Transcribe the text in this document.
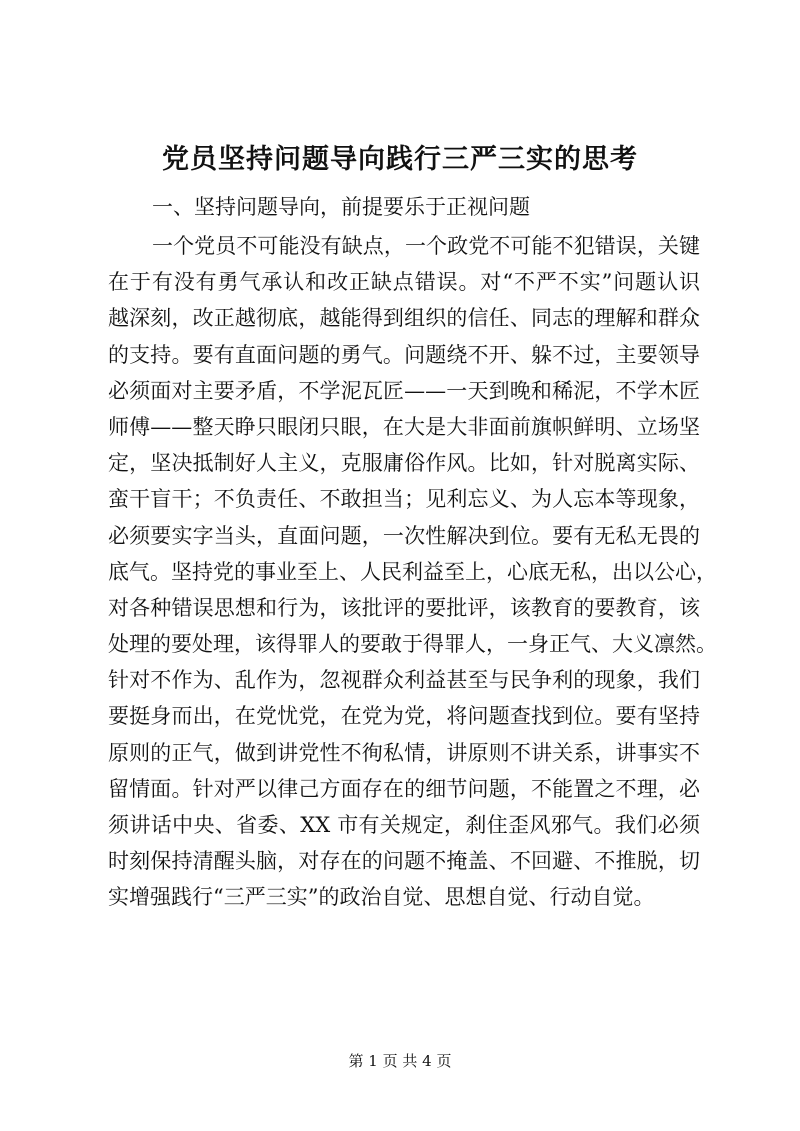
党员坚持问题导向践行三严三实的思考

一、坚持问题导向，前提要乐于正视问题

一个党员不可能没有缺点，一个政党不可能不犯错误，关键
在于有没有勇气承认和改正缺点错误。对“不严不实”问题认识
越深刻，改正越彻底，越能得到组织的信任、同志的理解和群众
的支持。要有直面问题的勇气。问题绕不开、躲不过，主要领导
必须面对主要矛盾，不学泥瓦匠——一天到晚和稀泥，不学木匠
师傅——整天睁只眼闭只眼，在大是大非面前旗帜鲜明、立场坚
定，坚决抵制好人主义，克服庸俗作风。比如，针对脱离实际、
蛮干盲干；不负责任、不敢担当；见利忘义、为人忘本等现象，
必须要实字当头，直面问题，一次性解决到位。要有无私无畏的
底气。坚持党的事业至上、人民利益至上，心底无私，出以公心，
对各种错误思想和行为，该批评的要批评，该教育的要教育，该
处理的要处理，该得罪人的要敢于得罪人，一身正气、大义凛然。
针对不作为、乱作为，忽视群众利益甚至与民争利的现象，我们
要挺身而出，在党忧党，在党为党，将问题查找到位。要有坚持
原则的正气，做到讲党性不徇私情，讲原则不讲关系，讲事实不
留情面。针对严以律己方面存在的细节问题，不能置之不理，必
须讲话中央、省委、XX 市有关规定，刹住歪风邪气。我们必须
时刻保持清醒头脑，对存在的问题不掩盖、不回避、不推脱，切
实增强践行“三严三实”的政治自觉、思想自觉、行动自觉。

第 1 页 共 4 页
